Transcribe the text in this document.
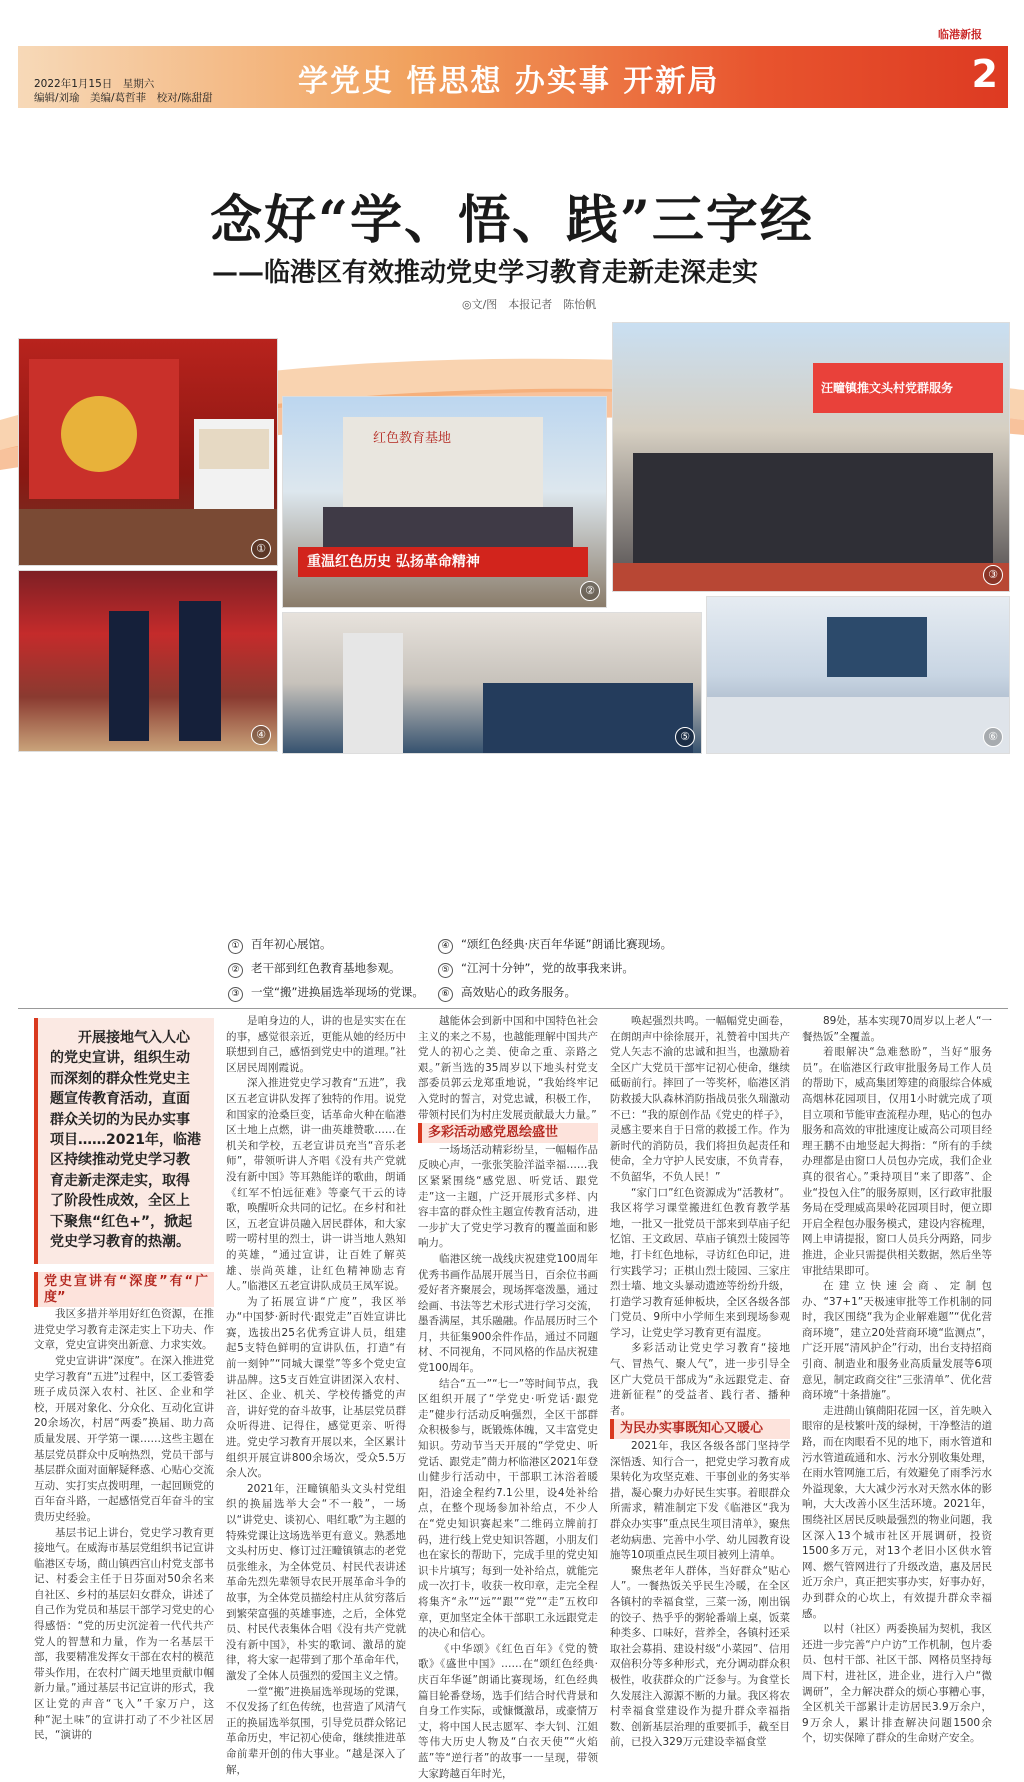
临港新报
2022年1月15日　星期六
编辑/刘瑜　美编/葛哲菲　校对/陈甜甜	学党史 悟思想 办实事 开新局	2
念好“学、悟、践”三字经
——临港区有效推动党史学习教育走新走深走实
◎文/图　本报记者　陈怡帆
①
红色教育基地
重温红色历史 弘扬革命精神
②
汪疃镇推文头村党群服务
③
④	⑤	⑥
① 百年初心展馆。
② 老干部到红色教育基地参观。
③ 一堂“搬”进换届选举现场的党课。
④ “颂红色经典·庆百年华诞”朗诵比赛现场。
⑤ “江河十分钟”，党的故事我来讲。
⑥ 高效贴心的政务服务。
开展接地气入人心的党史宣讲，组织生动而深刻的群众性党史主题宣传教育活动，直面群众关切的为民办实事项目……2021年，临港区持续推动党史学习教育走新走深走实，取得了阶段性成效，全区上下聚焦“红色+”，掀起党史学习教育的热潮。

党史宣讲有“深度”有“广度”

我区多措并举用好红色资源，在推进党史学习教育走深走实上下功夫、作文章，党史宣讲突出新意、力求实效。

党史宣讲讲“深度”。在深入推进党史学习教育“五进”过程中，区工委管委班子成员深入农村、社区、企业和学校，开展对象化、分众化、互动化宣讲20余场次，村居“两委”换届、助力高质量发展、开学第一课……这些主题在基层党员群众中反响热烈，党员干部与基层群众面对面解疑释惑、心贴心交流互动、实打实点拨明理，一起回顾党的百年奋斗路，一起感悟党百年奋斗的宝贵历史经验。

基层书记上讲台，党史学习教育更接地气。在威海市基层党组织书记宣讲临港区专场，蔄山镇西宫山村党支部书记、村委会主任于日芬面对50余名来自社区、乡村的基层妇女群众，讲述了自己作为党员和基层干部学习党史的心得感悟：“党的历史沉淀着一代代共产党人的智慧和力量，作为一名基层干部，我要精准发挥女干部在农村的模范带头作用，在农村广阔天地里贡献巾帼新力量。”通过基层书记宣讲的形式，我区让党的声音“飞入”千家万户，这种“泥土味”的宣讲打动了不少社区居民，“演讲的

是咱身边的人，讲的也是实实在在的事，感觉很亲近，更能从她的经历中联想到自己，感悟到党史中的道理。”社区居民周刚霞说。

深入推进党史学习教育“五进”，我区五老宣讲队发挥了独特的作用。说党和国家的沧桑巨变，话革命火种在临港区土地上点燃，讲一曲英雄赞歌……在机关和学校，五老宣讲员充当“音乐老师”，带领听讲人齐唱《没有共产党就没有新中国》等耳熟能详的歌曲，朗诵《红军不怕远征难》等豪气干云的诗歌，唤醒听众共同的记忆。在乡村和社区，五老宣讲员融入居民群体，和大家唠一唠村里的烈士，讲一讲当地人熟知的英雄，“通过宣讲，让百姓了解英雄、崇尚英雄，让红色精神励志育人。”临港区五老宣讲队成员王凤军说。

为了拓展宣讲“广度”，我区举办“中国梦·新时代·跟党走”百姓宣讲比赛，选拔出25名优秀宣讲人员，组建起5支特色鲜明的宣讲队伍，打造“有前一刻钟”“同城大课堂”等多个党史宣讲品牌。这5支百姓宣讲团深入农村、社区、企业、机关、学校传播党的声音，讲好党的奋斗故事，让基层党员群众听得进、记得住，感觉更亲、听得进。党史学习教育开展以来，全区累计组织开展宣讲800余场次，受众5.5万余人次。

2021年，汪疃镇船头文头村党组织的换届选举大会“不一般”，一场以“讲党史、谈初心、唱红歌”为主题的特殊党课让这场选举更有意义。熟悉地文头村历史、修订过汪疃镇镇志的老党员张维永，为全体党员、村民代表讲述革命先烈先辈领导农民开展革命斗争的故事，为全体党员描绘村庄从贫穷落后到繁荣富强的英雄事迹，之后，全体党员、村民代表集体合唱《没有共产党就没有新中国》，朴实的歌词、激昂的旋律，将大家一起带到了那个革命年代，激发了全体人员强烈的爱国主义之情。

一堂“搬”进换届选举现场的党课，不仅发扬了红色传统，也营造了风清气正的换届选举氛围，引导党员群众铭记革命历史，牢记初心使命，继续推进革命前辈开创的伟大事业。“越是深入了解，

越能体会到新中国和中国特色社会主义的来之不易，也越能理解中国共产党人的初心之美、使命之重、亲路之艰。”新当选的35周岁以下地头村党支部委员郭云龙郑重地说，“我始终牢记入党时的誓言，对党忠诚，积极工作，带领村民们为村庄发展贡献最大力量。”

多彩活动感党恩绘盛世

一场场活动精彩纷呈，一幅幅作品反映心声，一张张笑脸洋溢幸福……我区紧紧围绕“感党恩、听党话、跟党走”这一主题，广泛开展形式多样、内容丰富的群众性主题宣传教育活动，进一步扩大了党史学习教育的覆盖面和影响力。

临港区统一战线庆祝建党100周年优秀书画作品展开展当日，百余位书画爱好者齐聚展会，现场挥毫泼墨，通过绘画、书法等艺术形式进行学习交流，墨香满屋，其乐融融。作品展历时三个月，共征集900余件作品，通过不同题材、不同视角，不同风格的作品庆祝建党100周年。

结合“五一”“七一”等时间节点，我区组织开展了“学党史·听党话·跟党走”健步行活动反响强烈，全区干部群众积极参与，既锻炼体魄，又丰富党史知识。劳动节当天开展的“学党史、听党话、跟党走”蔄力杯临港区2021年登山健步行活动中，干部职工沐浴着暖阳，沿途全程约7.1公里，设4处补给点，在整个现场参加补给点，不少人在“党史知识赛起来”二维码立牌前打码，进行线上党史知识答题，小朋友们也在家长的帮助下，完成手里的党史知识卡片填写；每到一处补给点，就能完成一次打卡，收获一枚印章，走完全程将集齐“永”“远”“跟”“党”“走”五枚印章，更加坚定全体干部职工永远跟党走的决心和信心。

《中华颂》《红色百年》《党的赞歌》《盛世中国》……在“颂红色经典·庆百年华诞”朗诵比赛现场，红色经典篇目轮番登场，选手们结合时代背景和自身工作实际，或慷慨激昂，或豪情万丈，将中国人民志愿军、李大钊、江姐等伟大历史人物及“白衣天使”“火焰蓝”等“逆行者”的故事一一呈现，带领大家跨越百年时光，

唤起强烈共鸣。一幅幅党史画卷，在朗朗声中徐徐展开，礼赞着中国共产党人矢志不渝的忠诚和担当，也激励着全区广大党员干部牢记初心使命，继续砥砺前行。摔回了一等奖杯，临港区消防救援大队森林消防指战员张久瑞激动不已：“我的原创作品《党史的样子》，灵感主要来自于日常的救援工作。作为新时代的消防员，我们将担负起责任和使命，全力守护人民安康，不负青春，不负韶华，不负人民！”

“家门口”红色资源成为“活教材”。我区将学习课堂搬进红色教育教学基地，一批又一批党员干部来到草庙子纪忆馆、王文政居、草庙子镇烈士陵园等地，打卡红色地标，寻访红色印记，进行实践学习；正棋山烈士陵园、三家庄烈士墙、地文头暴动遗迹等纷纷升级，打造学习教育延伸板块，全区各级各部门党员、9所中小学师生来到现场参观学习，让党史学习教育更有温度。

多彩活动让党史学习教育“接地气、冒热气、聚人气”，进一步引导全区广大党员干部成为“永远跟党走、奋进新征程”的受益者、践行者、播种者。

为民办实事既知心又暖心

2021年，我区各级各部门坚持学深悟透、知行合一，把党史学习教育成果转化为攻坚克难、干事创业的务实举措，凝心聚力办好民生实事。着眼群众所需求，精准制定下发《临港区“我为群众办实事”重点民生项目清单》，聚焦老幼病患、完善中小学、幼儿园教育设施等10项重点民生项目被列上清单。

聚焦老年人群体，当好群众“贴心人”。一餐热饭关乎民生冷暖，在全区各镇村的幸福食堂，三菜一汤，刚出锅的饺子、热乎乎的粥轮番端上桌，饭菜种类多、口味好，营养全，各镇村还采取社会募捐、建设村级“小菜园”、信用双倍积分等多种形式，充分调动群众积极性，收获群众的广泛参与。为食堂长久发展注入源源不断的力量。我区将农村幸福食堂建设作为提升群众幸福指数、创新基层治理的重要抓手，截至目前，已投入329万元建设幸福食堂

89处，基本实现70周岁以上老人“一餐热饭”全覆盖。

着眼解决“急难愁盼”，当好“服务员”。在临港区行政审批服务局工作人员的帮助下，威高集团筹建的商服综合体威高烟林花园项目，仅用1小时就完成了项目立项和节能审查流程办理，贴心的包办服务和高效的审批速度让威高公司项目经理王鹏不由地竖起大拇指：“所有的手续办理都是由窗口人员包办完成，我们企业真的很省心。”秉持项目“来了即落”、企业“投包入住”的服务原则，区行政审批服务局在受理威高果岭花园项目时，便立即开启全程包办服务模式，建设内容梳理，网上申请提报，窗口人员兵分两路，同步推进，企业只需提供相关数据，然后坐等审批结果即可。

在建立快速会商、定制包办、“37+1”天极速审批等工作机制的同时，我区围绕“我为企业解难题”“优化营商环境”，建立20处营商环境“监测点”，广泛开展“清风护企”行动，出台支持招商引商、制造业和服务业高质量发展等6项意见，制定政商交往“三张清单”、优化营商环境“十条措施”。

走进蔄山镇蔄阳花园一区，首先映入眼帘的是枝繁叶茂的绿树，干净整洁的道路，而在肉眼看不见的地下，雨水管道和污水管道疏通和水、污水分别收集处理，在雨水管网施工后，有效避免了雨季污水外溢现象，大大减少污水对天然水体的影响，大大改善小区生活环境。2021年，围绕社区居民反映最强烈的物业问题，我区深入13个城市社区开展调研，投资1500多万元，对13个老旧小区供水管网、燃气管网进行了升级改造，惠及居民近万余户，真正把实事办实，好事办好，办到群众的心坎上，有效提升群众幸福感。

以村（社区）两委换届为契机，我区还进一步完善“户户访”工作机制，包片委员、包村干部、社区干部、网格员坚持每周下村，进社区，进企业，进行入户“微调研”，全力解决群众的烦心事糟心事，全区机关干部累计走访居民3.9万余户，9万余人，累计排查解决问题1500余个，切实保障了群众的生命财产安全。
